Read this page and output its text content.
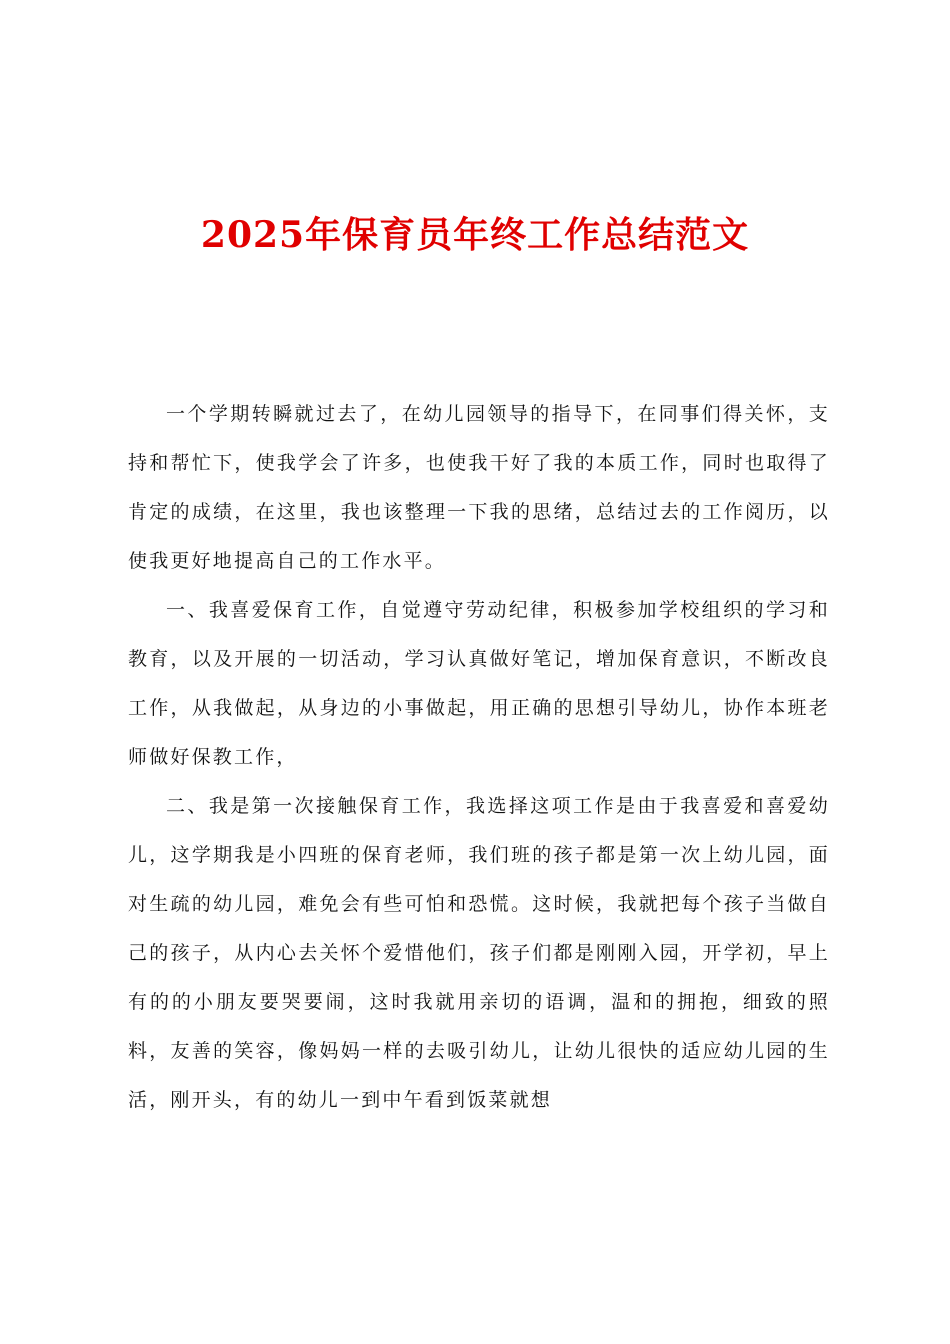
2025年保育员年终工作总结范文

一个学期转瞬就过去了，在幼儿园领导的指导下，在同事们得关怀，支持和帮忙下，使我学会了许多，也使我干好了我的本质工作，同时也取得了肯定的成绩，在这里，我也该整理一下我的思绪，总结过去的工作阅历，以使我更好地提高自己的工作水平。

一、我喜爱保育工作，自觉遵守劳动纪律，积极参加学校组织的学习和教育，以及开展的一切活动，学习认真做好笔记，增加保育意识，不断改良工作，从我做起，从身边的小事做起，用正确的思想引导幼儿，协作本班老师做好保教工作，

二、我是第一次接触保育工作，我选择这项工作是由于我喜爱和喜爱幼儿，这学期我是小四班的保育老师，我们班的孩子都是第一次上幼儿园，面对生疏的幼儿园，难免会有些可怕和恐慌。这时候，我就把每个孩子当做自己的孩子，从内心去关怀个爱惜他们，孩子们都是刚刚入园，开学初，早上有的的小朋友要哭要闹，这时我就用亲切的语调，温和的拥抱，细致的照料，友善的笑容，像妈妈一样的去吸引幼儿，让幼儿很快的适应幼儿园的生活，刚开头，有的幼儿一到中午看到饭菜就想
